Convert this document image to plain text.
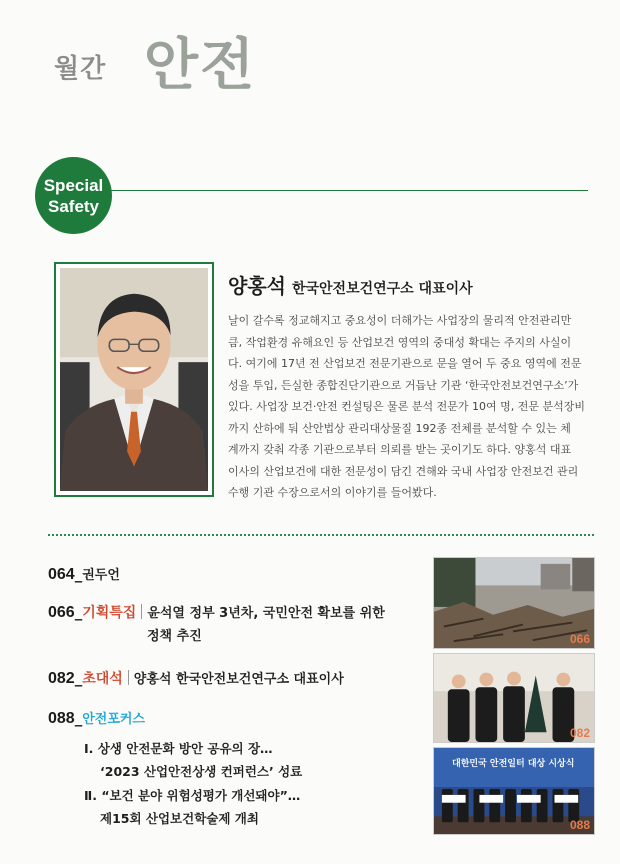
월간 안전
Special
Safety
양홍석 한국안전보건연구소 대표이사
날이 갈수록 정교해지고 중요성이 더해가는 사업장의 물리적 안전관리만
큼, 작업환경 유해요인 등 산업보건 영역의 중대성 확대는 주지의 사실이
다. 여기에 17년 전 산업보건 전문기관으로 문을 열어 두 중요 영역에 전문
성을 투입, 든실한 종합진단기관으로 거듭난 기관 ‘한국안전보건연구소’가
있다. 사업장 보건·안전 컨설팅은 물론 분석 전문가 10여 명, 전문 분석장비
까지 산하에 둬 산안법상 관리대상물질 192종 전체를 분석할 수 있는 체
계까지 갖춰 각종 기관으로부터 의뢰를 받는 곳이기도 하다. 양홍석 대표
이사의 산업보건에 대한 전문성이 담긴 견해와 국내 사업장 안전보건 관리
수행 기관 수장으로서의 이야기를 들어봤다.
064_권두언
066_기획특집 윤석열 정부 3년차, 국민안전 확보를 위한
정책 추진
082_초대석 양홍석 한국안전보건연구소 대표이사
088_안전포커스
Ⅰ. 상생 안전문화 방안 공유의 장…
‘2023 산업안전상생 컨퍼런스’ 성료
Ⅱ. “보건 분야 위험성평가 개선돼야”…
제15회 산업보건학술제 개최
066
082
대한민국 안전일터 대상 시상식
088
